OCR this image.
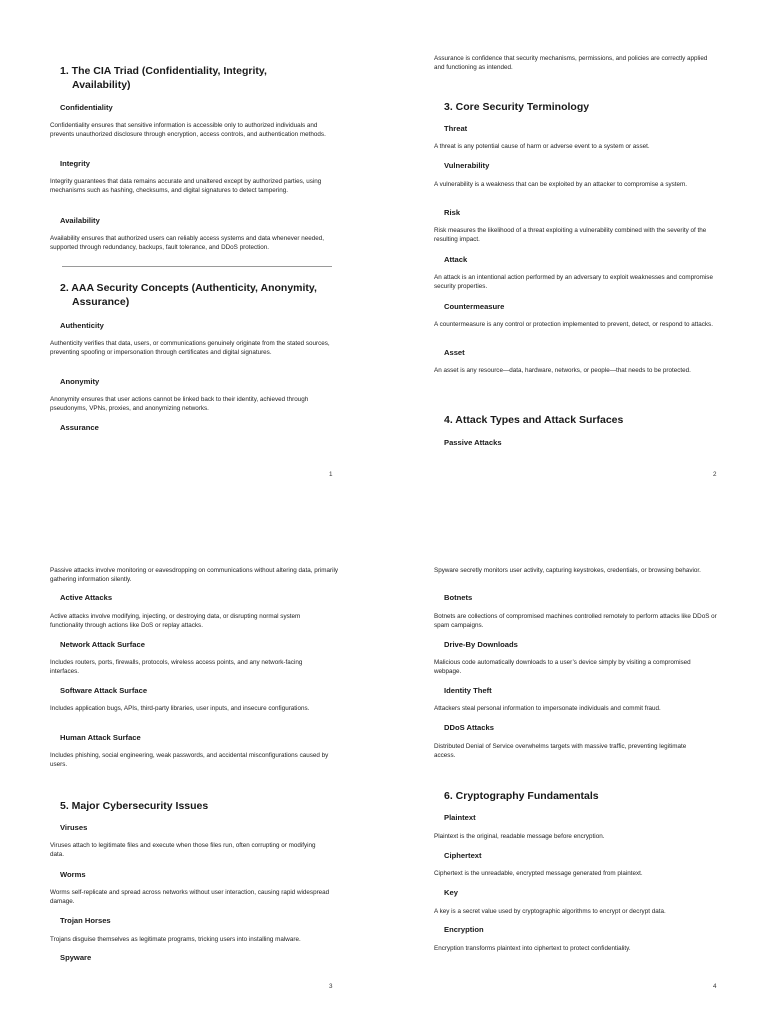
1. The CIA Triad (Confidentiality, Integrity, Availability)
Confidentiality
Confidentiality ensures that sensitive information is accessible only to authorized individuals and prevents unauthorized disclosure through encryption, access controls, and authentication methods.
Integrity
Integrity guarantees that data remains accurate and unaltered except by authorized parties, using mechanisms such as hashing, checksums, and digital signatures to detect tampering.
Availability
Availability ensures that authorized users can reliably access systems and data whenever needed, supported through redundancy, backups, fault tolerance, and DDoS protection.
2. AAA Security Concepts (Authenticity, Anonymity, Assurance)
Authenticity
Authenticity verifies that data, users, or communications genuinely originate from the stated sources, preventing spoofing or impersonation through certificates and digital signatures.
Anonymity
Anonymity ensures that user actions cannot be linked back to their identity, achieved through pseudonyms, VPNs, proxies, and anonymizing networks.
Assurance
1
Assurance is confidence that security mechanisms, permissions, and policies are correctly applied and functioning as intended.
3. Core Security Terminology
Threat
A threat is any potential cause of harm or adverse event to a system or asset.
Vulnerability
A vulnerability is a weakness that can be exploited by an attacker to compromise a system.
Risk
Risk measures the likelihood of a threat exploiting a vulnerability combined with the severity of the resulting impact.
Attack
An attack is an intentional action performed by an adversary to exploit weaknesses and compromise security properties.
Countermeasure
A countermeasure is any control or protection implemented to prevent, detect, or respond to attacks.
Asset
An asset is any resource—data, hardware, networks, or people—that needs to be protected.
4. Attack Types and Attack Surfaces
Passive Attacks
2
Passive attacks involve monitoring or eavesdropping on communications without altering data, primarily gathering information silently.
Active Attacks
Active attacks involve modifying, injecting, or destroying data, or disrupting normal system functionality through actions like DoS or replay attacks.
Network Attack Surface
Includes routers, ports, firewalls, protocols, wireless access points, and any network-facing interfaces.
Software Attack Surface
Includes application bugs, APIs, third-party libraries, user inputs, and insecure configurations.
Human Attack Surface
Includes phishing, social engineering, weak passwords, and accidental misconfigurations caused by users.
5. Major Cybersecurity Issues
Viruses
Viruses attach to legitimate files and execute when those files run, often corrupting or modifying data.
Worms
Worms self-replicate and spread across networks without user interaction, causing rapid widespread damage.
Trojan Horses
Trojans disguise themselves as legitimate programs, tricking users into installing malware.
Spyware
3
Spyware secretly monitors user activity, capturing keystrokes, credentials, or browsing behavior.
Botnets
Botnets are collections of compromised machines controlled remotely to perform attacks like DDoS or spam campaigns.
Drive-By Downloads
Malicious code automatically downloads to a user’s device simply by visiting a compromised webpage.
Identity Theft
Attackers steal personal information to impersonate individuals and commit fraud.
DDoS Attacks
Distributed Denial of Service overwhelms targets with massive traffic, preventing legitimate access.
6. Cryptography Fundamentals
Plaintext
Plaintext is the original, readable message before encryption.
Ciphertext
Ciphertext is the unreadable, encrypted message generated from plaintext.
Key
A key is a secret value used by cryptographic algorithms to encrypt or decrypt data.
Encryption
Encryption transforms plaintext into ciphertext to protect confidentiality.
4
